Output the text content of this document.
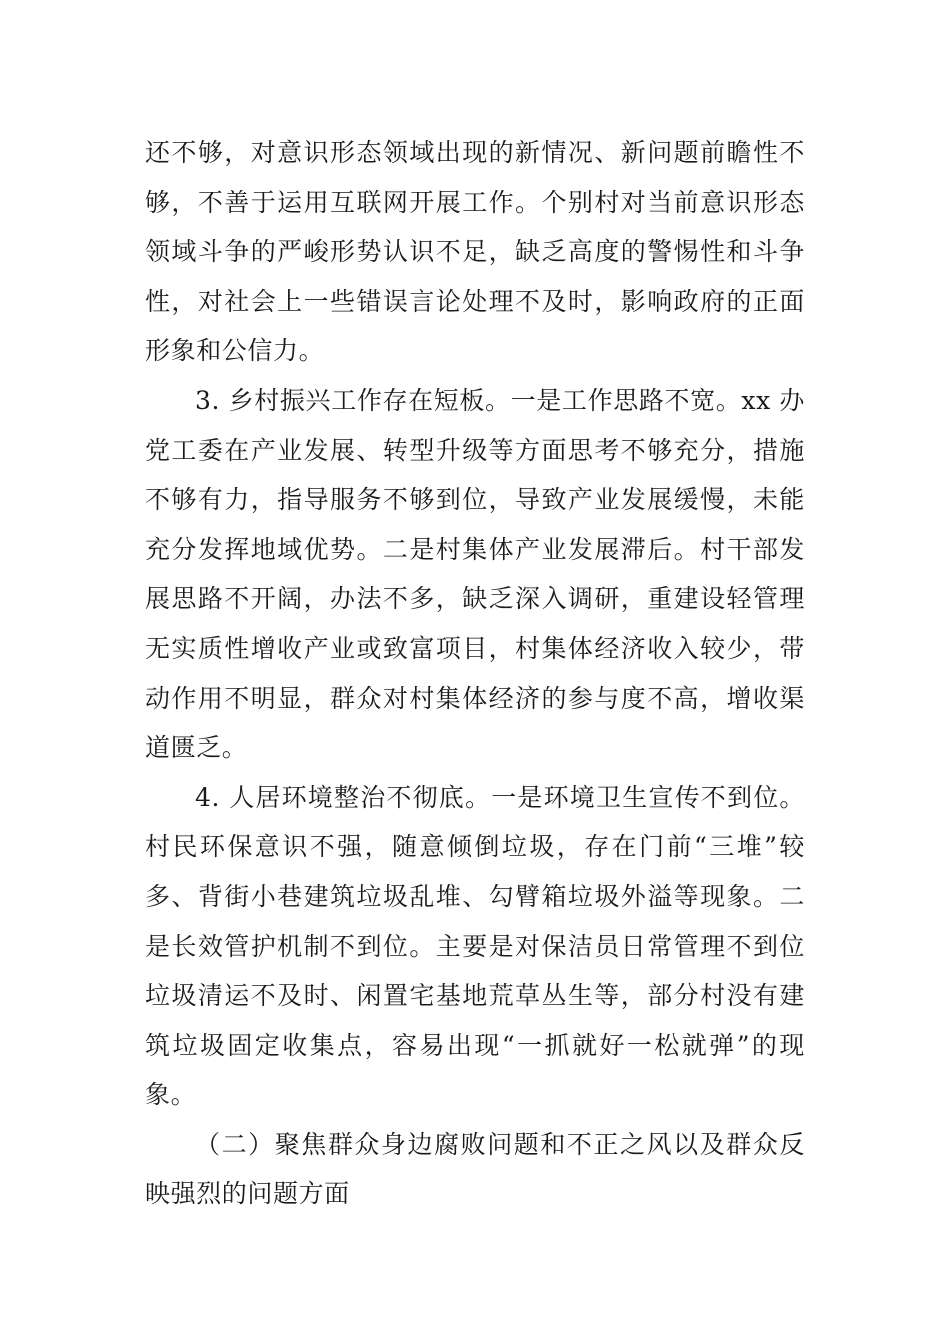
还不够，对意识形态领域出现的新情况、新问题前瞻性不够，不善于运用互联网开展工作。个别村对当前意识形态领域斗争的严峻形势认识不足，缺乏高度的警惕性和斗争性，对社会上一些错误言论处理不及时，影响政府的正面形象和公信力。

3. 乡村振兴工作存在短板。一是工作思路不宽。xx 办党工委在产业发展、转型升级等方面思考不够充分，措施不够有力，指导服务不够到位，导致产业发展缓慢，未能充分发挥地域优势。二是村集体产业发展滞后。村干部发展思路不开阔，办法不多，缺乏深入调研，重建设轻管理无实质性增收产业或致富项目，村集体经济收入较少，带动作用不明显，群众对村集体经济的参与度不高，增收渠道匮乏。

4. 人居环境整治不彻底。一是环境卫生宣传不到位。村民环保意识不强，随意倾倒垃圾，存在门前“三堆”较多、背街小巷建筑垃圾乱堆、勾臂箱垃圾外溢等现象。二是长效管护机制不到位。主要是对保洁员日常管理不到位垃圾清运不及时、闲置宅基地荒草丛生等，部分村没有建筑垃圾固定收集点，容易出现“一抓就好一松就弹”的现象。

（二）聚焦群众身边腐败问题和不正之风以及群众反映强烈的问题方面
